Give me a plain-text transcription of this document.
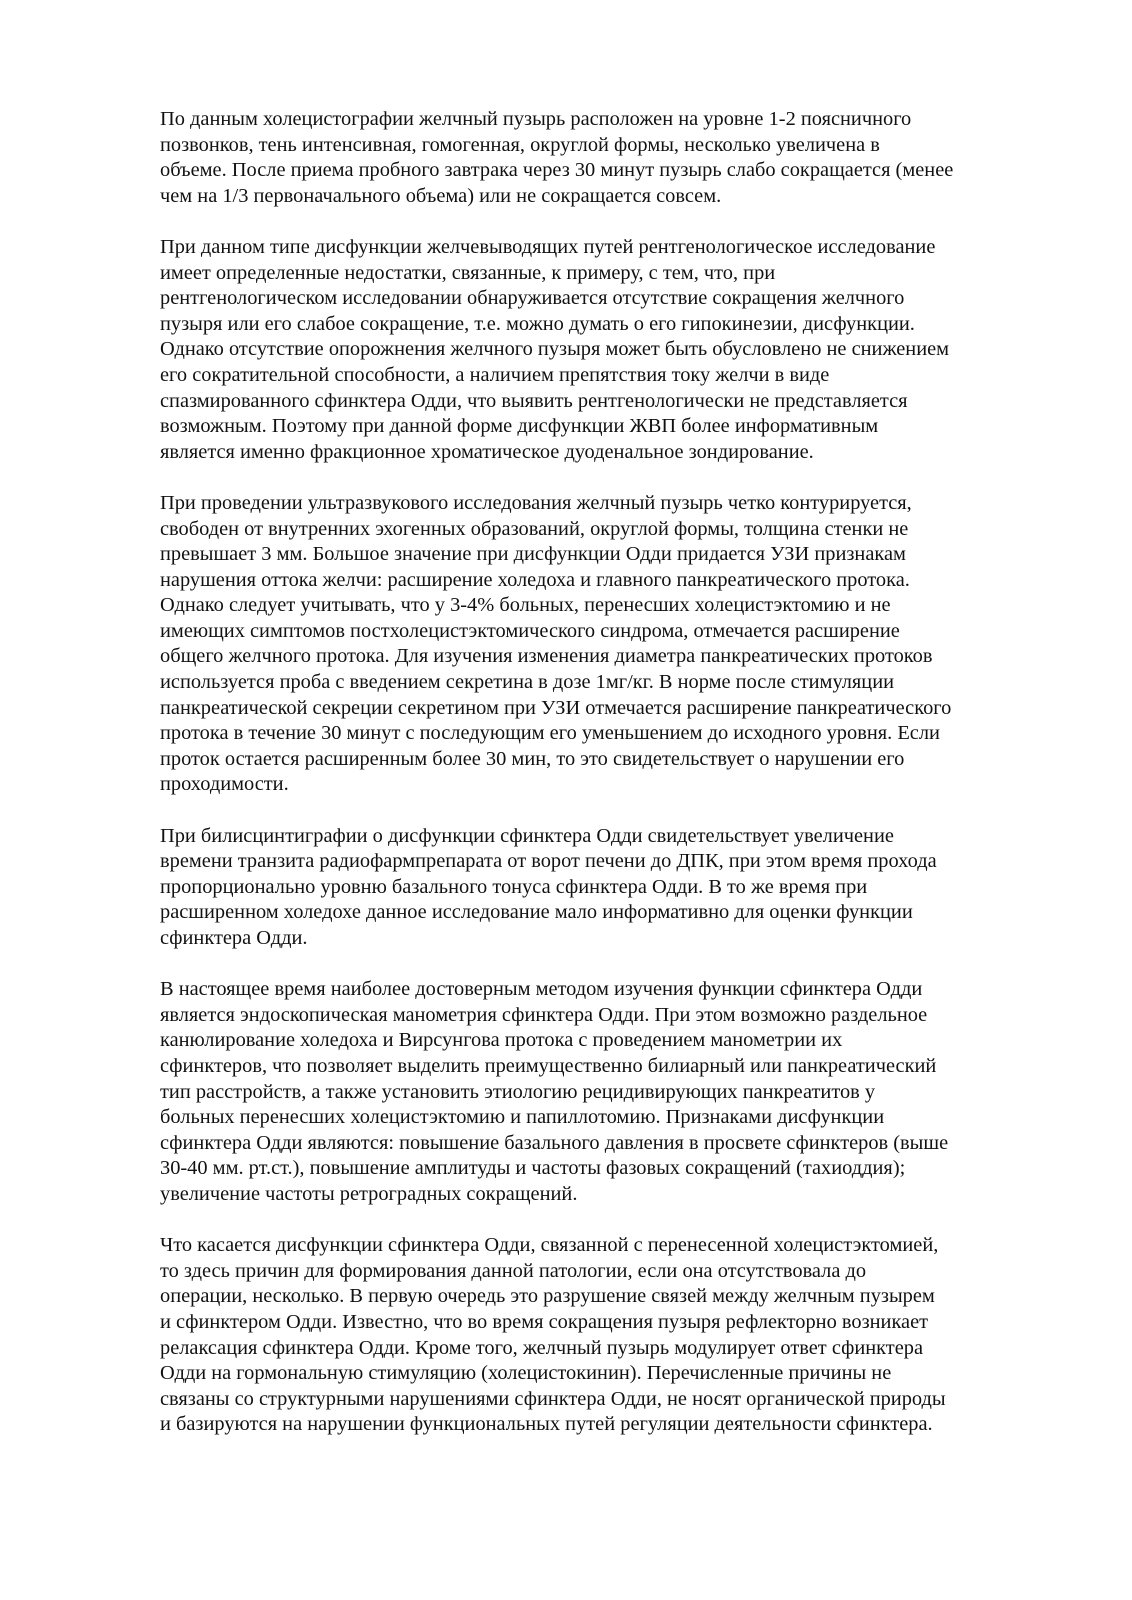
По данным холецистографии желчный пузырь расположен на уровне 1-2 поясничного
позвонков, тень интенсивная, гомогенная, округлой формы, несколько увеличена в
объеме. После приема пробного завтрака через 30 минут пузырь слабо сокращается (менее
чем на 1/3 первоначального объема) или не сокращается совсем.

При данном типе дисфункции желчевыводящих путей рентгенологическое исследование
имеет определенные недостатки, связанные, к примеру, с тем, что, при
рентгенологическом исследовании обнаруживается отсутствие сокращения желчного
пузыря или его слабое сокращение, т.е. можно думать о его гипокинезии, дисфункции.
Однако отсутствие опорожнения желчного пузыря может быть обусловлено не снижением
его сократительной способности, а наличием препятствия току желчи в виде
спазмированного сфинктера Одди, что выявить рентгенологически не представляется
возможным. Поэтому при данной форме дисфункции ЖВП более информативным
является именно фракционное хроматическое дуоденальное зондирование.

При проведении ультразвукового исследования желчный пузырь четко контурируется,
свободен от внутренних эхогенных образований, округлой формы, толщина стенки не
превышает 3 мм. Большое значение при дисфункции Одди придается УЗИ признакам
нарушения оттока желчи: расширение холедоха и главного панкреатического протока.
Однако следует учитывать, что у 3-4% больных, перенесших холецистэктомию и не
имеющих симптомов постхолецистэктомического синдрома, отмечается расширение
общего желчного протока. Для изучения изменения диаметра панкреатических протоков
используется проба с введением секретина в дозе 1мг/кг. В норме после стимуляции
панкреатической секреции секретином при УЗИ отмечается расширение панкреатического
протока в течение 30 минут с последующим его уменьшением до исходного уровня. Если
проток остается расширенным более 30 мин, то это свидетельствует о нарушении его
проходимости.

При билисцинтиграфии о дисфункции сфинктера Одди свидетельствует увеличение
времени транзита радиофармпрепарата от ворот печени до ДПК, при этом время прохода
пропорционально уровню базального тонуса сфинктера Одди. В то же время при
расширенном холедохе данное исследование мало информативно для оценки функции
сфинктера Одди.

В настоящее время наиболее достоверным методом изучения функции сфинктера Одди
является эндоскопическая манометрия сфинктера Одди. При этом возможно раздельное
канюлирование холедоха и Вирсунгова протока с проведением манометрии их
сфинктеров, что позволяет выделить преимущественно билиарный или панкреатический
тип расстройств, а также установить этиологию рецидивирующих панкреатитов у
больных перенесших холецистэктомию и папиллотомию. Признаками дисфункции
сфинктера Одди являются: повышение базального давления в просвете сфинктеров (выше
30-40 мм. рт.ст.), повышение амплитуды и частоты фазовых сокращений (тахиоддия);
увеличение частоты ретроградных сокращений.

Что касается дисфункции сфинктера Одди, связанной с перенесенной холецистэктомией,
то здесь причин для формирования данной патологии, если она отсутствовала до
операции, несколько. В первую очередь это разрушение связей между желчным пузырем
и сфинктером Одди. Известно, что во время сокращения пузыря рефлекторно возникает
релаксация сфинктера Одди. Кроме того, желчный пузырь модулирует ответ сфинктера
Одди на гормональную стимуляцию (холецистокинин). Перечисленные причины не
связаны со структурными нарушениями сфинктера Одди, не носят органической природы
и базируются на нарушении функциональных путей регуляции деятельности сфинктера.
